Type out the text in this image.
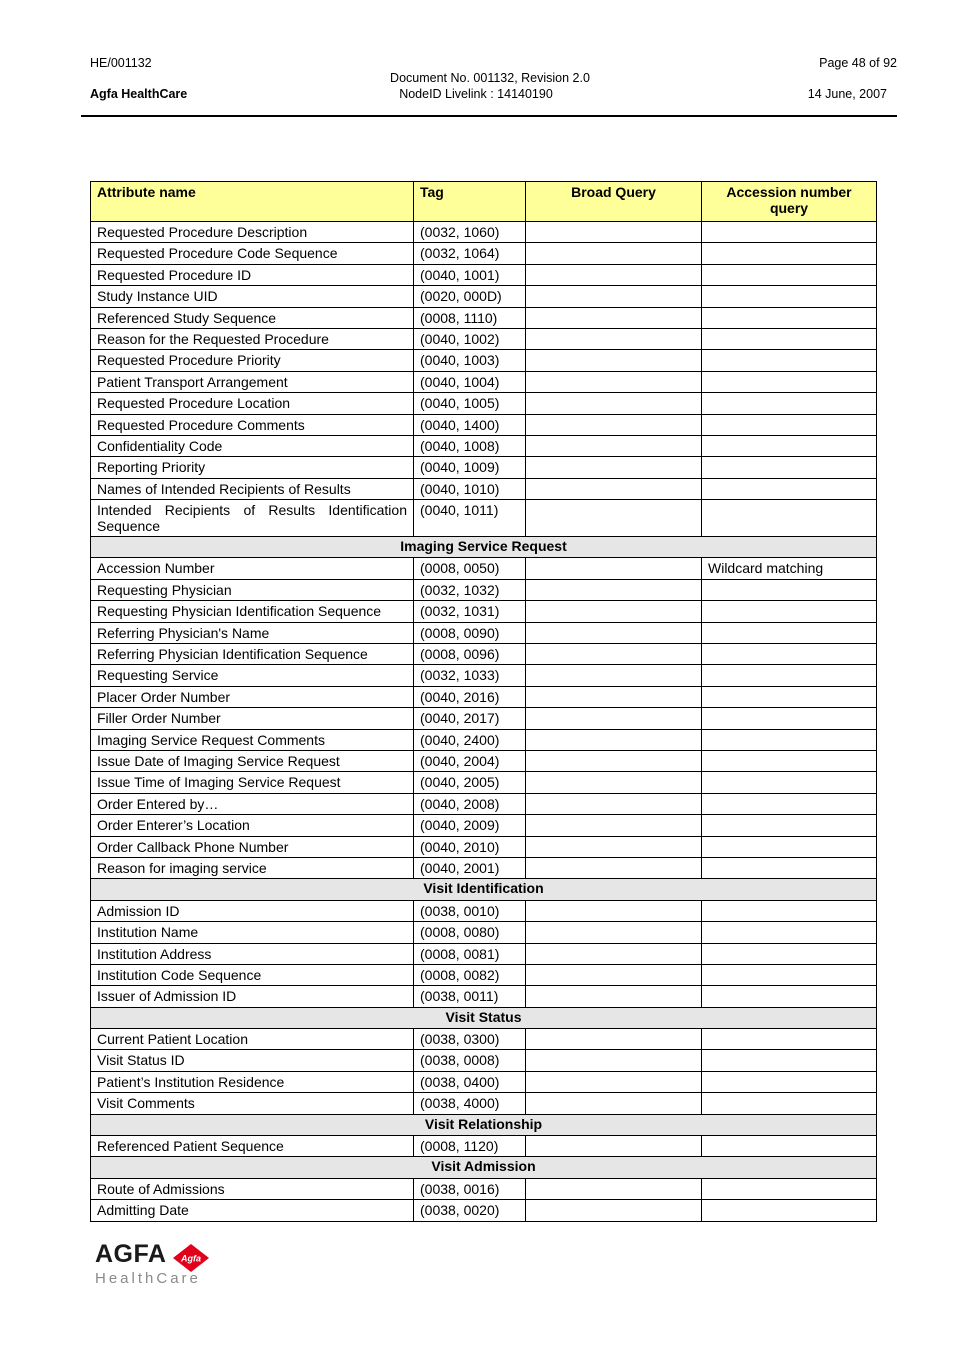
HE/001132
Agfa HealthCare
Document No. 001132, Revision 2.0
NodeID Livelink : 14140190
Page 48 of 92
14 June, 2007
Attribute name	Tag	Broad Query	Accession number query
Requested Procedure Description	(0032, 1060)		
Requested Procedure Code Sequence	(0032, 1064)		
Requested Procedure ID	(0040, 1001)		
Study Instance UID	(0020, 000D)		
Referenced Study Sequence	(0008, 1110)		
Reason for the Requested Procedure	(0040, 1002)		
Requested Procedure Priority	(0040, 1003)		
Patient Transport Arrangement	(0040, 1004)		
Requested Procedure Location	(0040, 1005)		
Requested Procedure Comments	(0040, 1400)		
Confidentiality Code	(0040, 1008)		
Reporting Priority	(0040, 1009)		
Names of Intended Recipients of Results	(0040, 1010)		
Intended Recipients of Results Identification Sequence	(0040, 1011)		
Imaging Service Request			
Accession Number	(0008, 0050)		Wildcard matching
Requesting Physician	(0032, 1032)		
Requesting Physician Identification Sequence	(0032, 1031)		
Referring Physician's Name	(0008, 0090)		
Referring Physician Identification Sequence	(0008, 0096)		
Requesting Service	(0032, 1033)		
Placer Order Number	(0040, 2016)		
Filler Order Number	(0040, 2017)		
Imaging Service Request Comments	(0040, 2400)		
Issue Date of Imaging Service Request	(0040, 2004)		
Issue Time of Imaging Service Request	(0040, 2005)		
Order Entered by…	(0040, 2008)		
Order Enterer’s Location	(0040, 2009)		
Order Callback Phone Number	(0040, 2010)		
Reason for imaging service	(0040, 2001)		
Visit Identification			
Admission ID	(0038, 0010)		
Institution Name	(0008, 0080)		
Institution Address	(0008, 0081)		
Institution Code Sequence	(0008, 0082)		
Issuer of Admission ID	(0038, 0011)		
Visit Status			
Current Patient Location	(0038, 0300)		
Visit Status ID	(0038, 0008)		
Patient’s Institution Residence	(0038, 0400)		
Visit Comments	(0038, 4000)		
Visit Relationship			
Referenced Patient Sequence	(0008, 1120)		
Visit Admission			
Route of Admissions	(0038, 0016)		
Admitting Date	(0038, 0020)		
AGFA Agfa
HealthCare
